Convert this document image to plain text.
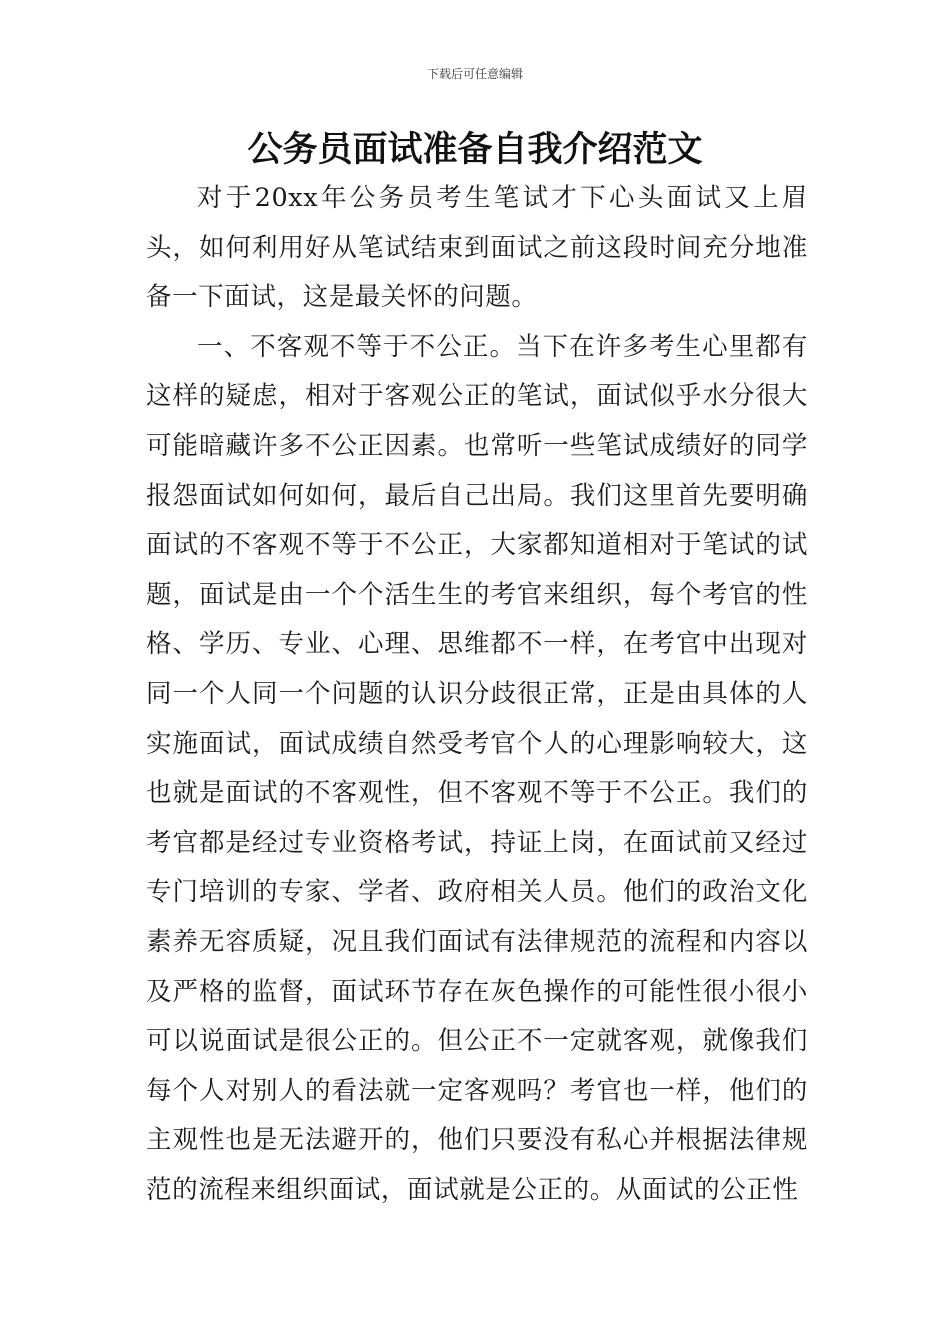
下载后可任意编辑
公务员面试准备自我介绍范文

对于20xx年公务员考生笔试才下心头面试又上眉头，如何利用好从笔试结束到面试之前这段时间充分地准备一下面试，这是最关怀的问题。

一、不客观不等于不公正。当下在许多考生心里都有这样的疑虑，相对于客观公正的笔试，面试似乎水分很大可能暗藏许多不公正因素。也常听一些笔试成绩好的同学报怨面试如何如何，最后自己出局。我们这里首先要明确面试的不客观不等于不公正，大家都知道相对于笔试的试题，面试是由一个个活生生的考官来组织，每个考官的性格、学历、专业、心理、思维都不一样，在考官中出现对同一个人同一个问题的认识分歧很正常，正是由具体的人实施面试，面试成绩自然受考官个人的心理影响较大，这也就是面试的不客观性，但不客观不等于不公正。我们的考官都是经过专业资格考试，持证上岗，在面试前又经过专门培训的专家、学者、政府相关人员。他们的政治文化素养无容质疑，况且我们面试有法律规范的流程和内容以及严格的监督，面试环节存在灰色操作的可能性很小很小可以说面试是很公正的。但公正不一定就客观，就像我们每个人对别人的看法就一定客观吗？考官也一样，他们的主观性也是无法避开的，他们只要没有私心并根据法律规范的流程来组织面试，面试就是公正的。从面试的公正性
